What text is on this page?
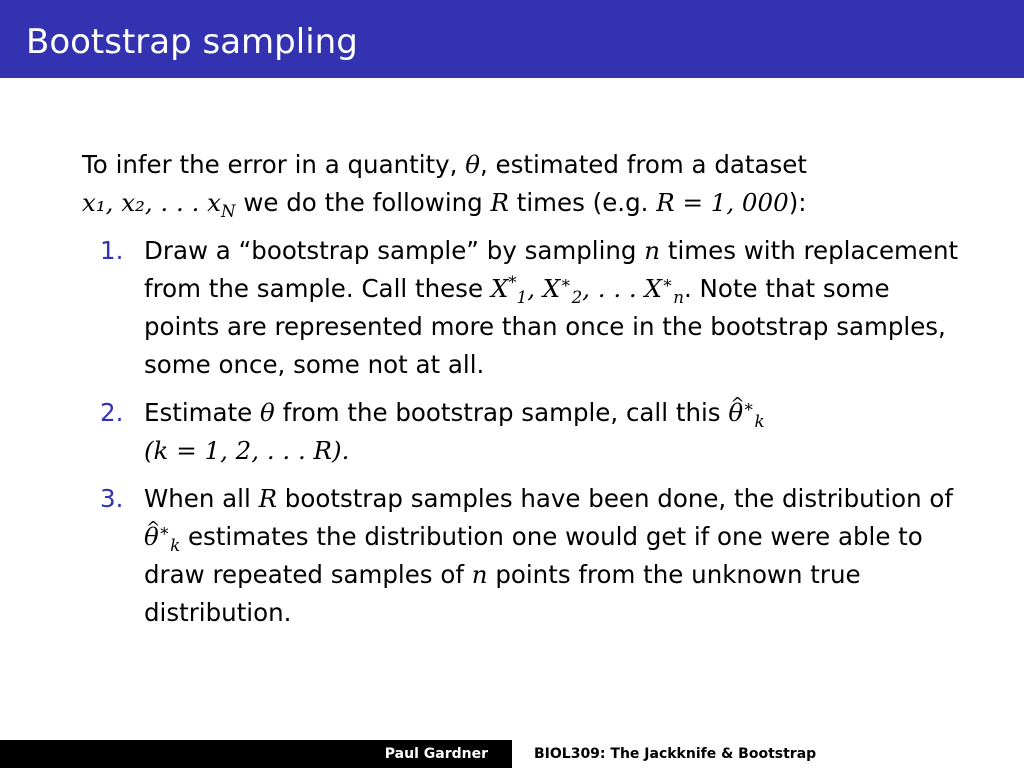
Bootstrap sampling

To infer the error in a quantity, θ, estimated from a dataset
x₁, x₂, . . . $x_N$ we do the following R times (e.g. R = 1, 000):

1. Draw a “bootstrap sample” by sampling n times with replacement from the sample. Call these $X^*_1$, $X^∗_2$, . . . $X^∗_n$. Note that some points are represented more than once in the bootstrap samples, some once, some not at all.
2. Estimate θ from the bootstrap sample, call this ^ $\theta^∗_k$
(k = 1, 2, . . . R).
3. When all R bootstrap samples have been done, the distribution of ^ $\theta^∗_k$ estimates the distribution one would get if one were able to draw repeated samples of n points from the unknown true distribution.
Paul Gardner	BIOL309: The Jackknife & Bootstrap
